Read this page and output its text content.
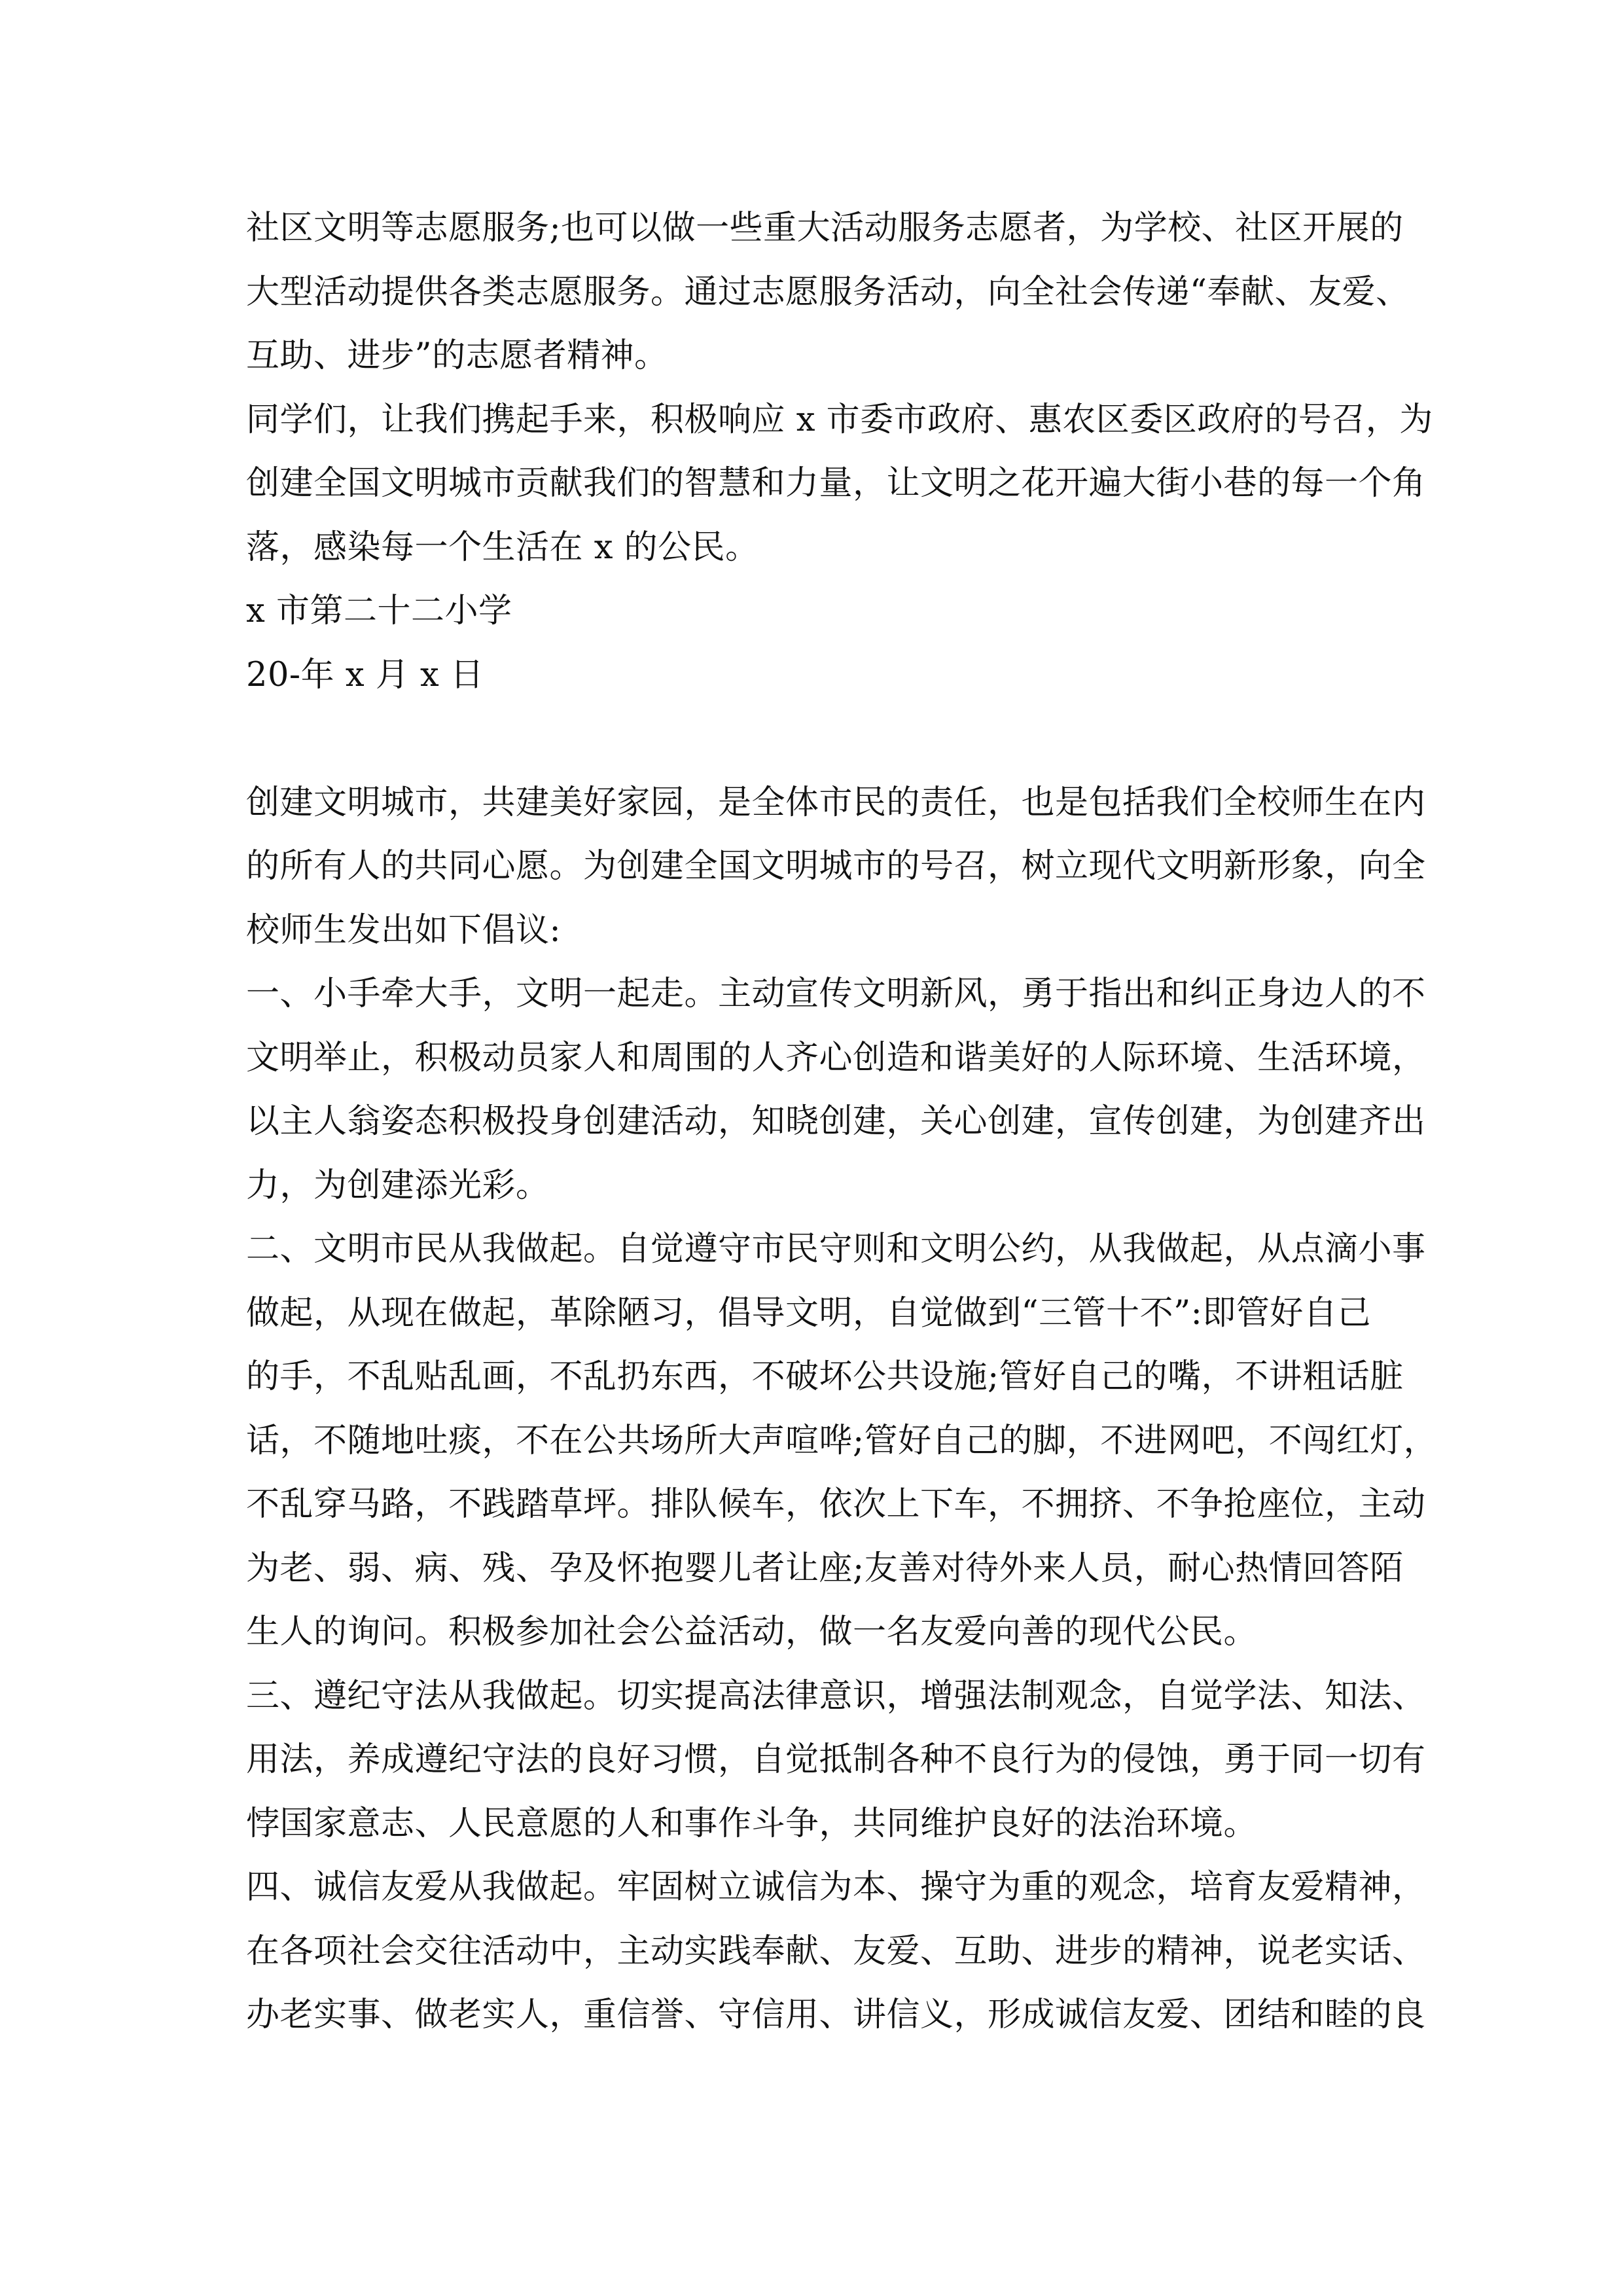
社区文明等志愿服务;也可以做一些重大活动服务志愿者，为学校、社区开展的
大型活动提供各类志愿服务。通过志愿服务活动，向全社会传递“奉献、友爱、
互助、进步”的志愿者精神。
同学们，让我们携起手来，积极响应 x 市委市政府、惠农区委区政府的号召，为
创建全国文明城市贡献我们的智慧和力量，让文明之花开遍大街小巷的每一个角
落，感染每一个生活在 x 的公民。
x 市第二十二小学
20-年 x 月 x 日
创建文明城市，共建美好家园，是全体市民的责任，也是包括我们全校师生在内
的所有人的共同心愿。为创建全国文明城市的号召，树立现代文明新形象，向全
校师生发出如下倡议:
一、小手牵大手，文明一起走。主动宣传文明新风，勇于指出和纠正身边人的不
文明举止，积极动员家人和周围的人齐心创造和谐美好的人际环境、生活环境，
以主人翁姿态积极投身创建活动，知晓创建，关心创建，宣传创建，为创建齐出
力，为创建添光彩。
二、文明市民从我做起。自觉遵守市民守则和文明公约，从我做起，从点滴小事
做起，从现在做起，革除陋习，倡导文明，自觉做到“三管十不”:即管好自己
的手，不乱贴乱画，不乱扔东西，不破坏公共设施;管好自己的嘴，不讲粗话脏
话，不随地吐痰，不在公共场所大声喧哗;管好自己的脚，不进网吧，不闯红灯，
不乱穿马路，不践踏草坪。排队候车，依次上下车，不拥挤、不争抢座位，主动
为老、弱、病、残、孕及怀抱婴儿者让座;友善对待外来人员，耐心热情回答陌
生人的询问。积极参加社会公益活动，做一名友爱向善的现代公民。
三、遵纪守法从我做起。切实提高法律意识，增强法制观念，自觉学法、知法、
用法，养成遵纪守法的良好习惯，自觉抵制各种不良行为的侵蚀，勇于同一切有
悖国家意志、人民意愿的人和事作斗争，共同维护良好的法治环境。
四、诚信友爱从我做起。牢固树立诚信为本、操守为重的观念，培育友爱精神，
在各项社会交往活动中，主动实践奉献、友爱、互助、进步的精神，说老实话、
办老实事、做老实人，重信誉、守信用、讲信义，形成诚信友爱、团结和睦的良
